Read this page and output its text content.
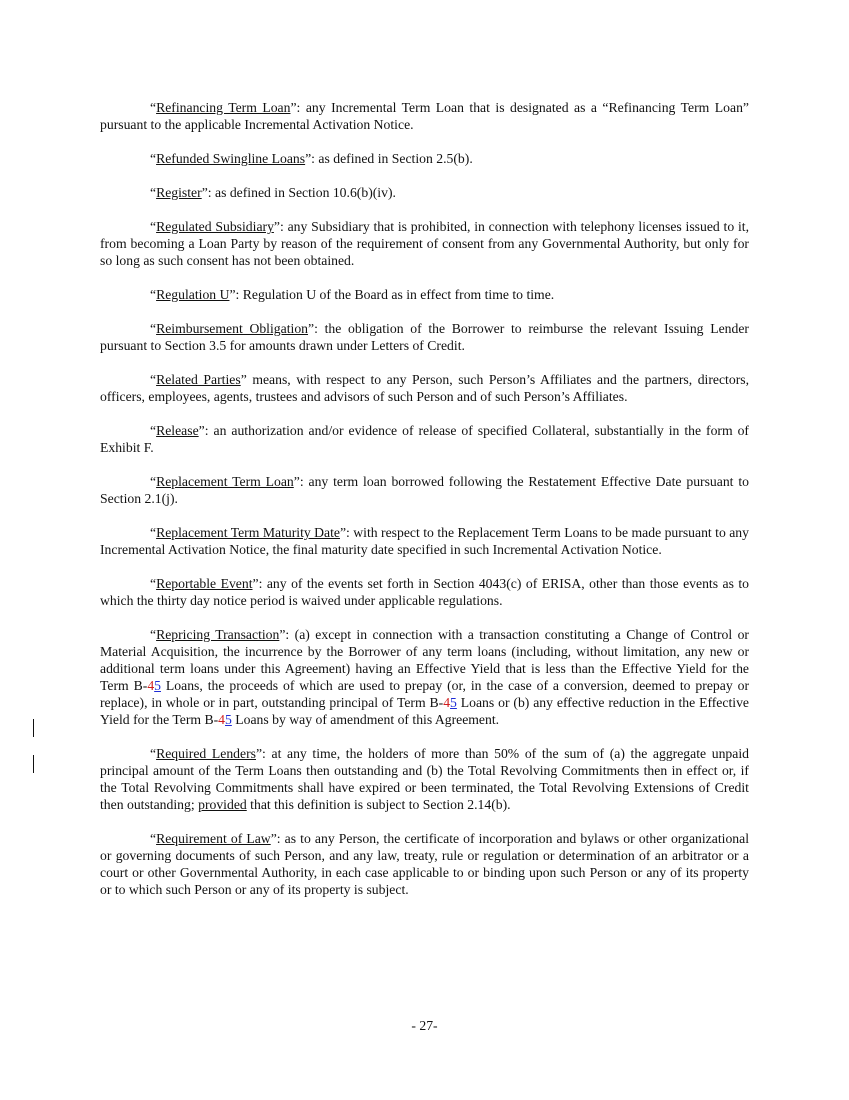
“Refinancing Term Loan”: any Incremental Term Loan that is designated as a “Refinancing Term Loan” pursuant to the applicable Incremental Activation Notice.

“Refunded Swingline Loans”: as defined in Section 2.5(b).

“Register”: as defined in Section 10.6(b)(iv).

“Regulated Subsidiary”: any Subsidiary that is prohibited, in connection with telephony licenses issued to it, from becoming a Loan Party by reason of the requirement of consent from any Governmental Authority, but only for so long as such consent has not been obtained.

“Regulation U”: Regulation U of the Board as in effect from time to time.

“Reimbursement Obligation”: the obligation of the Borrower to reimburse the relevant Issuing Lender pursuant to Section 3.5 for amounts drawn under Letters of Credit.

“Related Parties” means, with respect to any Person, such Person’s Affiliates and the partners, directors, officers, employees, agents, trustees and advisors of such Person and of such Person’s Affiliates.

“Release”: an authorization and/or evidence of release of specified Collateral, substantially in the form of Exhibit F.

“Replacement Term Loan”: any term loan borrowed following the Restatement Effective Date pursuant to Section 2.1(j).

“Replacement Term Maturity Date”: with respect to the Replacement Term Loans to be made pursuant to any Incremental Activation Notice, the final maturity date specified in such Incremental Activation Notice.

“Reportable Event”: any of the events set forth in Section 4043(c) of ERISA, other than those events as to which the thirty day notice period is waived under applicable regulations.

“Repricing Transaction”: (a) except in connection with a transaction constituting a Change of Control or Material Acquisition, the incurrence by the Borrower of any term loans (including, without limitation, any new or additional term loans under this Agreement) having an Effective Yield that is less than the Effective Yield for the Term B-45 Loans, the proceeds of which are used to prepay (or, in the case of a conversion, deemed to prepay or replace), in whole or in part, outstanding principal of Term B-45 Loans or (b) any effective reduction in the Effective Yield for the Term B-45 Loans by way of amendment of this Agreement.

“Required Lenders”: at any time, the holders of more than 50% of the sum of (a) the aggregate unpaid principal amount of the Term Loans then outstanding and (b) the Total Revolving Commitments then in effect or, if the Total Revolving Commitments shall have expired or been terminated, the Total Revolving Extensions of Credit then outstanding; provided that this definition is subject to Section 2.14(b).

“Requirement of Law”: as to any Person, the certificate of incorporation and bylaws or other organizational or governing documents of such Person, and any law, treaty, rule or regulation or determination of an arbitrator or a court or other Governmental Authority, in each case applicable to or binding upon such Person or any of its property or to which such Person or any of its property is subject.

- 27-
